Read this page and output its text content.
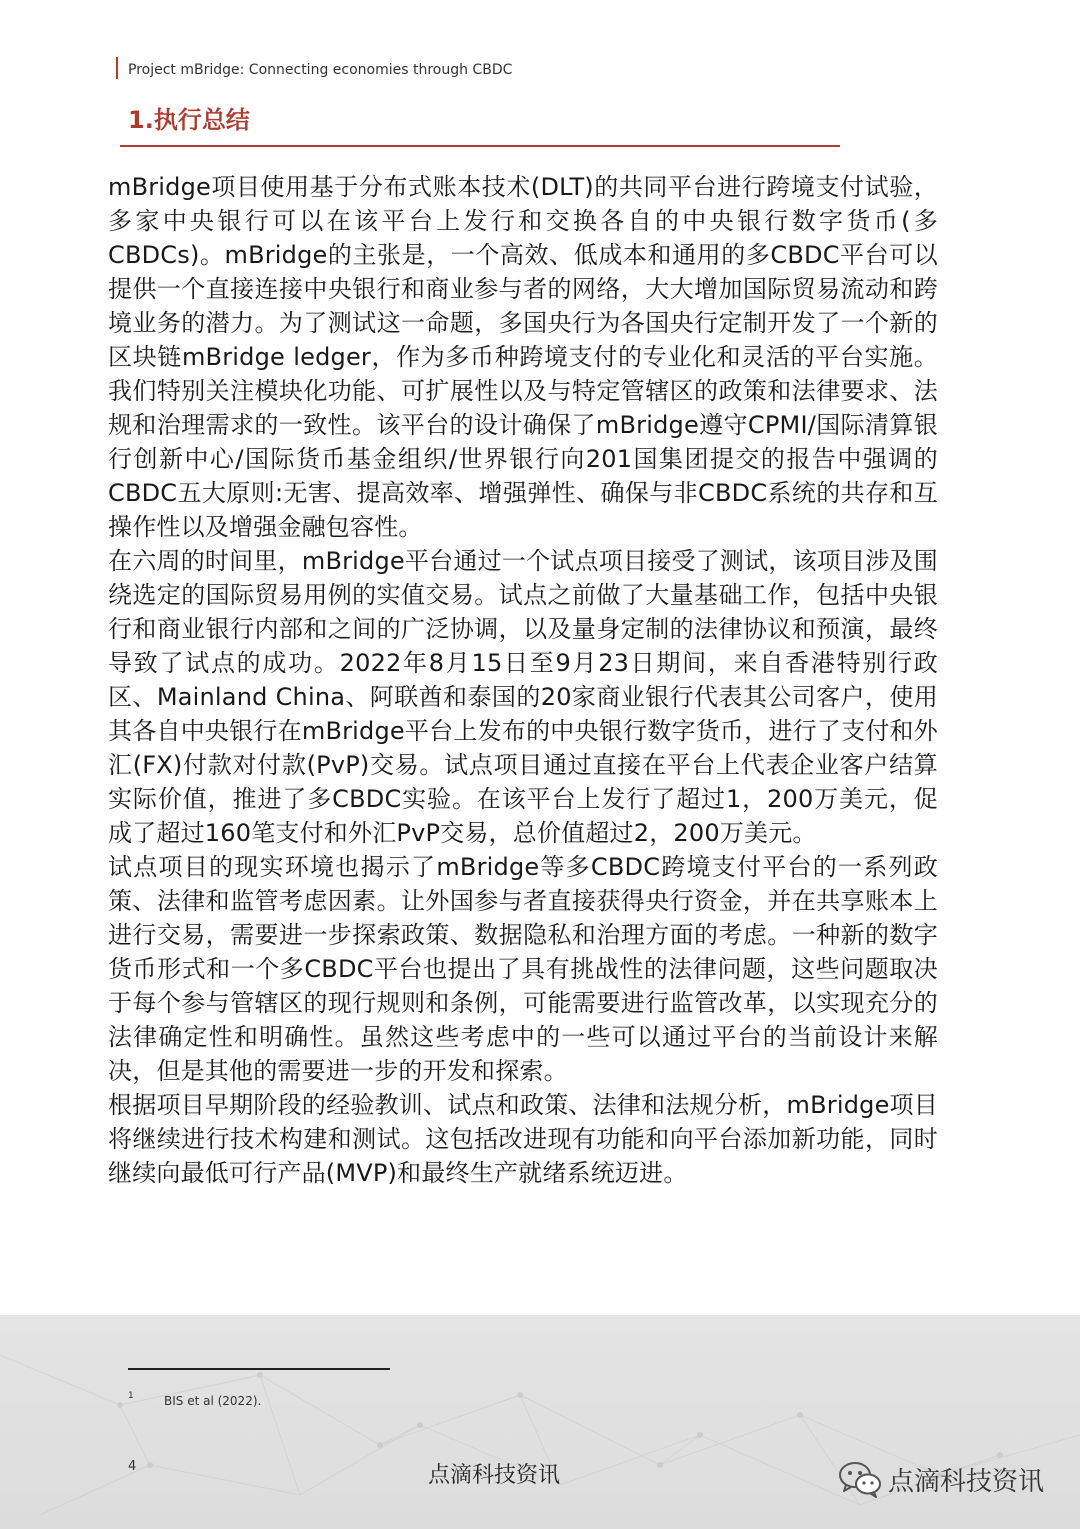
Project mBridge: Connecting economies through CBDC
1.执行总结

mBridge项目使用基于分布式账本技术(DLT)的共同平台进行跨境支付试验，多家中央银行可以在该平台上发行和交换各自的中央银行数字货币(多CBDCs)。mBridge的主张是，一个高效、低成本和通用的多CBDC平台可以提供一个直接连接中央银行和商业参与者的网络，大大增加国际贸易流动和跨境业务的潜力。为了测试这一命题，多国央行为各国央行定制开发了一个新的区块链mBridge ledger，作为多币种跨境支付的专业化和灵活的平台实施。我们特别关注模块化功能、可扩展性以及与特定管辖区的政策和法律要求、法规和治理需求的一致性。该平台的设计确保了mBridge遵守CPMI/国际清算银行创新中心/国际货币基金组织/世界银行向201国集团提交的报告中强调的CBDC五大原则:无害、提高效率、增强弹性、确保与非CBDC系统的共存和互操作性以及增强金融包容性。

在六周的时间里，mBridge平台通过一个试点项目接受了测试，该项目涉及围绕选定的国际贸易用例的实值交易。试点之前做了大量基础工作，包括中央银行和商业银行内部和之间的广泛协调，以及量身定制的法律协议和预演，最终导致了试点的成功。2022年8月15日至9月23日期间，来自香港特别行政区、Mainland China、阿联酋和泰国的20家商业银行代表其公司客户，使用其各自中央银行在mBridge平台上发布的中央银行数字货币，进行了支付和外汇(FX)付款对付款(PvP)交易。试点项目通过直接在平台上代表企业客户结算实际价值，推进了多CBDC实验。在该平台上发行了超过1，200万美元，促成了超过160笔支付和外汇PvP交易，总价值超过2，200万美元。

试点项目的现实环境也揭示了mBridge等多CBDC跨境支付平台的一系列政策、法律和监管考虑因素。让外国参与者直接获得央行资金，并在共享账本上进行交易，需要进一步探索政策、数据隐私和治理方面的考虑。一种新的数字货币形式和一个多CBDC平台也提出了具有挑战性的法律问题，这些问题取决于每个参与管辖区的现行规则和条例，可能需要进行监管改革，以实现充分的法律确定性和明确性。虽然这些考虑中的一些可以通过平台的当前设计来解决，但是其他的需要进一步的开发和探索。

根据项目早期阶段的经验教训、试点和政策、法律和法规分析，mBridge项目将继续进行技术构建和测试。这包括改进现有功能和向平台添加新功能，同时继续向最低可行产品(MVP)和最终生产就绪系统迈进。

1	BIS et al (2022).
4	点滴科技资讯	点滴科技资讯
